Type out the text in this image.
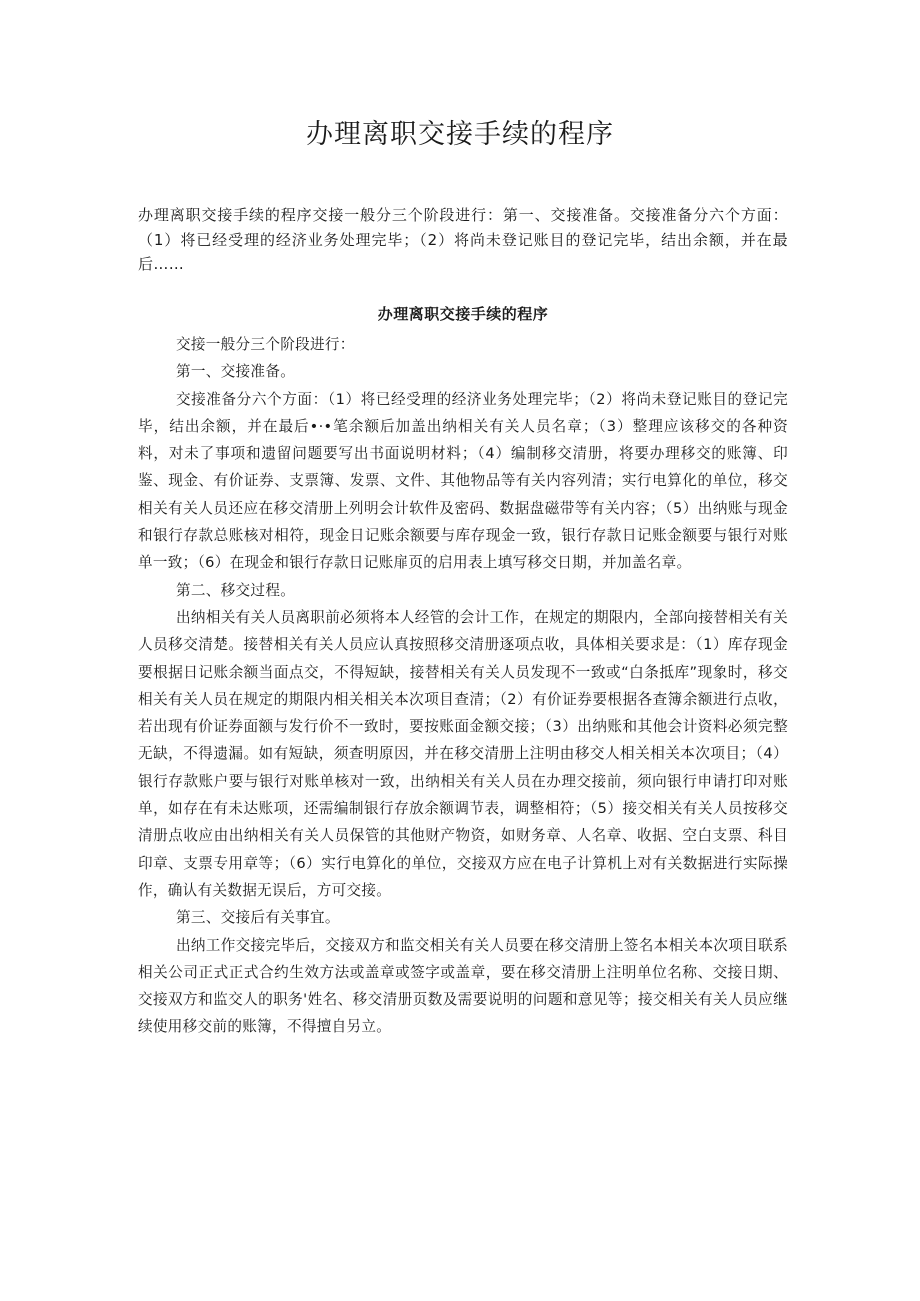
办理离职交接手续的程序

办理离职交接手续的程序交接一般分三个阶段进行：第一、交接准备。交接准备分六个方面：（1）将已经受理的经济业务处理完毕；（2）将尚未登记账目的登记完毕，结出余额，并在最后……

办理离职交接手续的程序

交接一般分三个阶段进行：

第一、交接准备。

交接准备分六个方面：（1）将已经受理的经济业务处理完毕；（2）将尚未登记账目的登记完毕，结出余额，并在最后•·•笔余额后加盖出纳相关有关人员名章；（3）整理应该移交的各种资料，对未了事项和遗留问题要写出书面说明材料；（4）编制移交清册，将要办理移交的账簿、印鉴、现金、有价证券、支票簿、发票、文件、其他物品等有关内容列清；实行电算化的单位，移交相关有关人员还应在移交清册上列明会计软件及密码、数据盘磁带等有关内容；（5）出纳账与现金和银行存款总账核对相符，现金日记账余额要与库存现金一致，银行存款日记账金额要与银行对账单一致；（6）在现金和银行存款日记账扉页的启用表上填写移交日期，并加盖名章。

第二、移交过程。

出纳相关有关人员离职前必须将本人经管的会计工作，在规定的期限内，全部向接替相关有关人员移交清楚。接替相关有关人员应认真按照移交清册逐项点收，具体相关要求是：（1）库存现金要根据日记账余额当面点交，不得短缺，接替相关有关人员发现不一致或“白条抵库”现象时，移交相关有关人员在规定的期限内相关相关本次项目查清；（2）有价证券要根据各查簿余额进行点收，若出现有价证券面额与发行价不一致时，要按账面金额交接；（3）出纳账和其他会计资料必须完整无缺，不得遗漏。如有短缺，须查明原因，并在移交清册上注明由移交人相关相关本次项目；（4）银行存款账户要与银行对账单核对一致，出纳相关有关人员在办理交接前，须向银行申请打印对账单，如存在有未达账项，还需编制银行存放余额调节表，调整相符；（5）接交相关有关人员按移交清册点收应由出纳相关有关人员保管的其他财产物资，如财务章、人名章、收据、空白支票、科目印章、支票专用章等；（6）实行电算化的单位，交接双方应在电子计算机上对有关数据进行实际操作，确认有关数据无误后，方可交接。

第三、交接后有关事宜。

出纳工作交接完毕后，交接双方和监交相关有关人员要在移交清册上签名本相关本次项目联系相关公司正式正式合约生效方法或盖章或签字或盖章，要在移交清册上注明单位名称、交接日期、交接双方和监交人的职务'姓名、移交清册页数及需要说明的问题和意见等；接交相关有关人员应继续使用移交前的账簿，不得擅自另立。
